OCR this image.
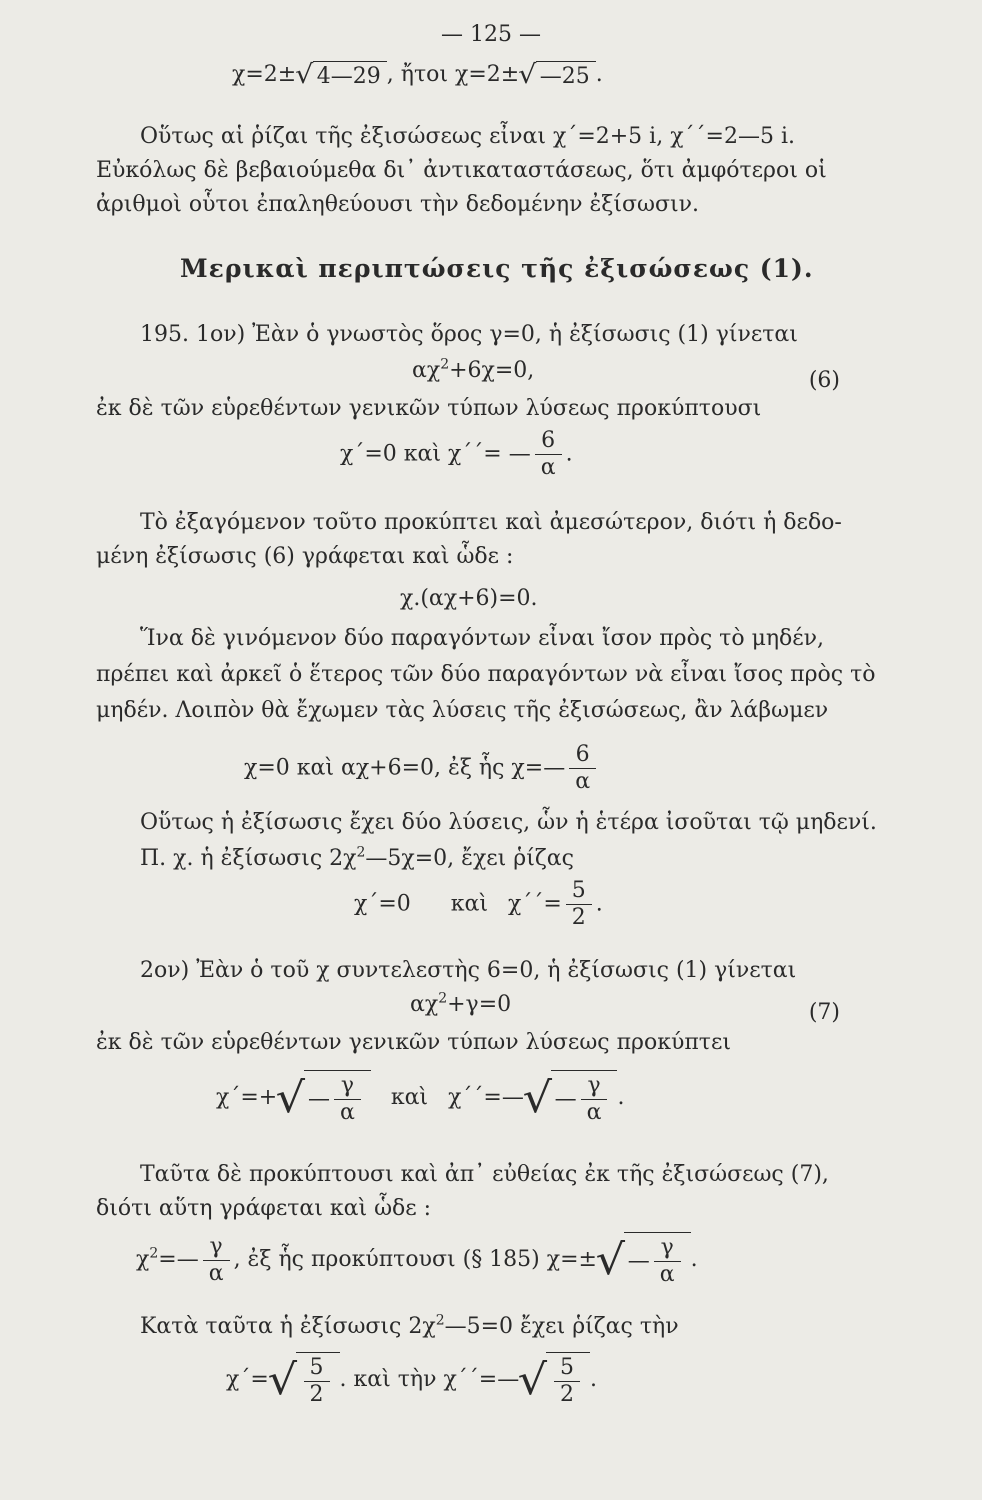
— 125 —
χ=2±√ 4—29 , ἤτοι χ=2±√ —25 .
Οὕτως αἱ ῥίζαι τῆς ἐξισώσεως εἶναι χ΄=2+5 i, χ΄΄=2—5 i.
Εὐκόλως δὲ βεβαιούμεθα δι᾽ ἀντικαταστάσεως, ὅτι ἀμφότεροι οἱ
ἀριθμοὶ οὗτοι ἐπαληθεύουσι τὴν δεδομένην ἐξίσωσιν.
Μερικαὶ περιπτώσεις τῆς ἐξισώσεως (1).
195. 1ον) Ἐὰν ὁ γνωστὸς ὅρος γ=0, ἡ ἐξίσωσις (1) γίνεται
$\alpha\chi^2+6\chi=0$,	(6)
ἐκ δὲ τῶν εὑρεθέντων γενικῶν τύπων λύσεως προκύπτουσι
χ΄=0 καὶ χ΄΄= — $\frac{6}{\alpha}$ .
Τὸ ἐξαγόμενον τοῦτο προκύπτει καὶ ἀμεσώτερον, διότι ἡ δεδο-
μένη ἐξίσωσις (6) γράφεται καὶ ὧδε :
χ.(αχ+6)=0.
Ἵνα δὲ γινόμενον δύο παραγόντων εἶναι ἴσον πρὸς τὸ μηδέν,
πρέπει καὶ ἀρκεῖ ὁ ἕτερος τῶν δύο παραγόντων νὰ εἶναι ἴσος πρὸς τὸ
μηδέν. Λοιπὸν θὰ ἔχωμεν τὰς λύσεις τῆς ἐξισώσεως, ἂν λάβωμεν
χ=0 καὶ αχ+6=0, ἐξ ἧς χ=— $\frac{6}{\alpha}$
Οὕτως ἡ ἐξίσωσις ἔχει δύο λύσεις, ὧν ἡ ἑτέρα ἰσοῦται τῷ μηδενί.
Π. χ. ἡ ἐξίσωσις $2\chi^2—5\chi=0$, ἔχει ῥίζας
χ΄=0 καὶ $\chi΄΄= \frac{5}{2}$ .
2ον) Ἐὰν ὁ τοῦ χ συντελεστὴς 6=0, ἡ ἐξίσωσις (1) γίνεται
$\alpha\chi^2+\gamma=0$	(7)
ἐκ δὲ τῶν εὑρεθέντων γενικῶν τύπων λύσεως προκύπτει
χ΄=+√ — $\frac{\gamma}{\alpha}$ καὶ χ΄΄=—√ — $\frac{\gamma}{\alpha}$ .
Ταῦτα δὲ προκύπτουσι καὶ ἀπ᾽ εὐθείας ἐκ τῆς ἐξισώσεως (7),
διότι αὕτη γράφεται καὶ ὧδε :
$\chi^2=— \frac{\gamma}{\alpha}$ , ἐξ ἧς προκύπτουσι (§ 185) χ=±√ — $\frac{\gamma}{\alpha}$ .
Κατὰ ταῦτα ἡ ἐξίσωσις $2\chi^2—5=0$ ἔχει ῥίζας τὴν
$\chi΄=√ \frac{5}{2}$ . καὶ τὴν χ΄΄=—√ $\frac{5}{2}$ .
